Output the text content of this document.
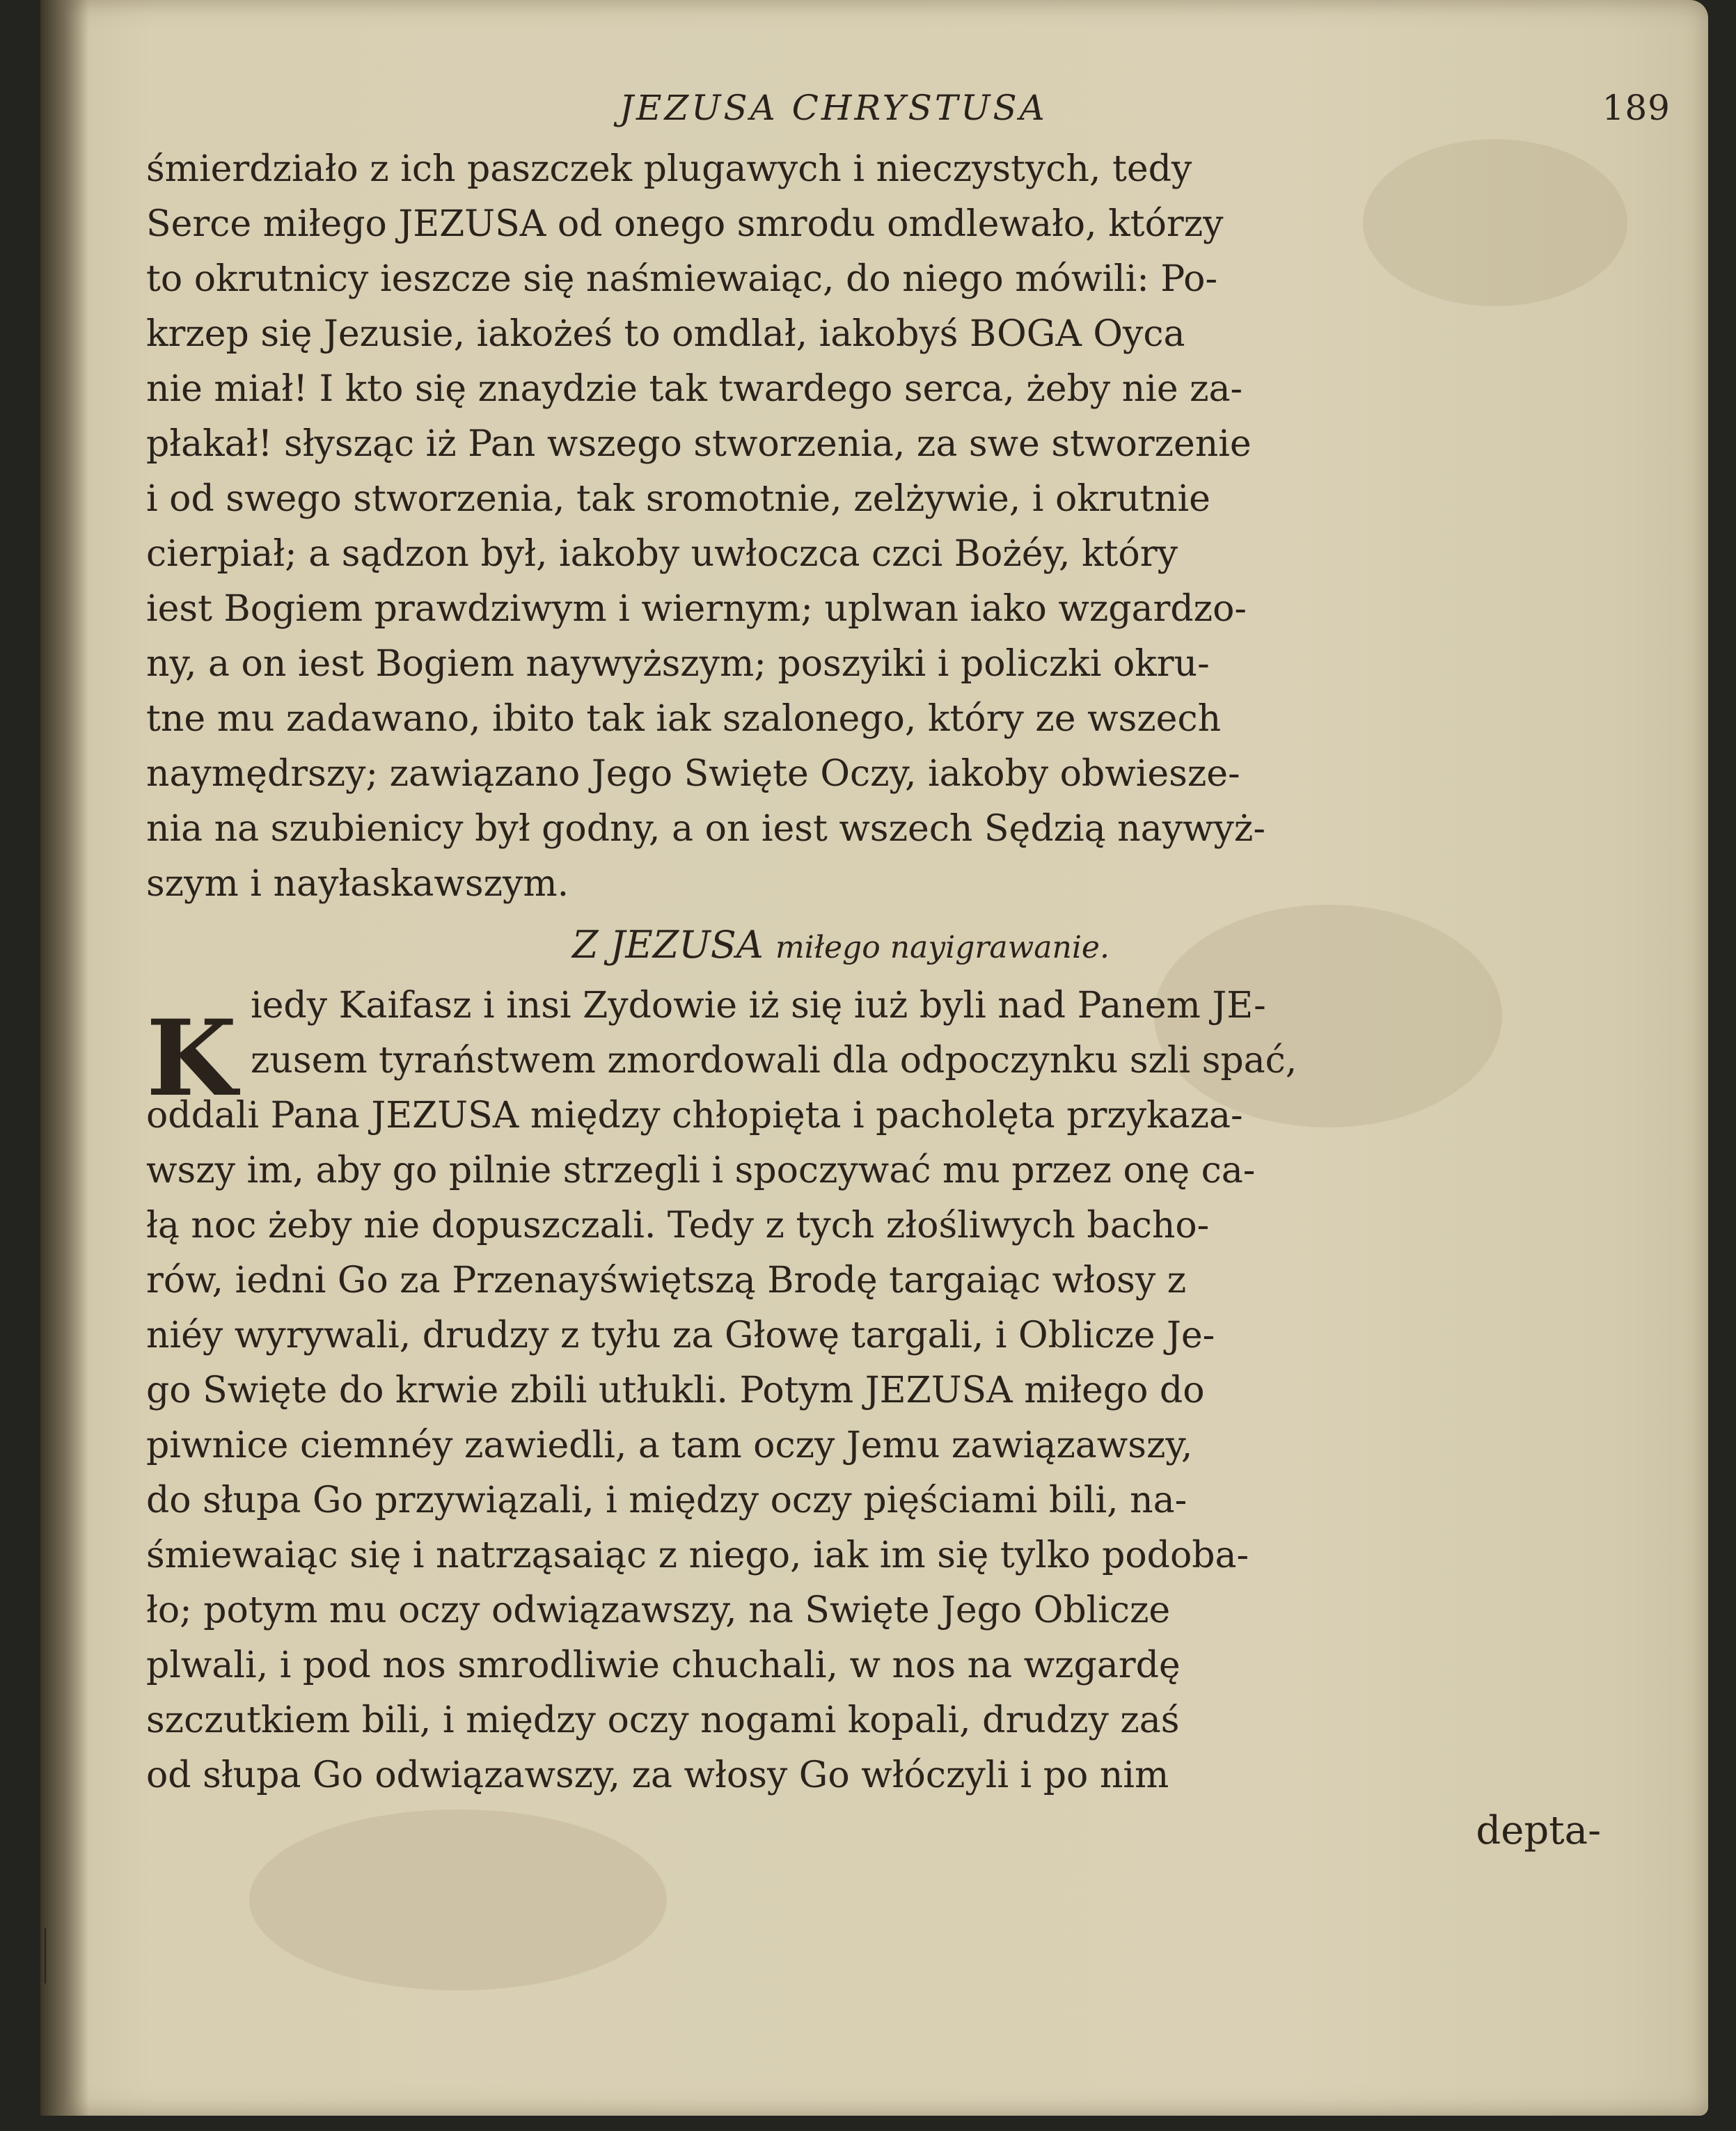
JEZUSA CHRYSTUSA	189
śmierdziało z ich paszczek plugawych i nieczystych, tedy
Serce miłego JEZUSA od onego smrodu omdlewało, którzy
to okrutnicy ieszcze się naśmiewaiąc, do niego mówili: Po-
krzep się Jezusie, iakożeś to omdlał, iakobyś BOGA Oyca
nie miał! I kto się znaydzie tak twardego serca, żeby nie za-
płakał! słysząc iż Pan wszego stworzenia, za swe stworzenie
i od swego stworzenia, tak sromotnie, zelżywie, i okrutnie
cierpiał; a sądzon był, iakoby uwłoczca czci Bożéy, który
iest Bogiem prawdziwym i wiernym; uplwan iako wzgardzo-
ny, a on iest Bogiem naywyższym; poszyiki i policzki okru-
tne mu zadawano, ibito tak iak szalonego, który ze wszech
naymędrszy; zawiązano Jego Swięte Oczy, iakoby obwiesze-
nia na szubienicy był godny, a on iest wszech Sędzią naywyż-
szym i nayłaskawszym.
Z JEZUSA miłego nayigrawanie.
K iedy Kaifasz i insi Zydowie iż się iuż byli nad Panem JE-
zusem tyraństwem zmordowali dla odpoczynku szli spać,
oddali Pana JEZUSA między chłopięta i pacholęta przykaza-
wszy im, aby go pilnie strzegli i spoczywać mu przez onę ca-
łą noc żeby nie dopuszczali. Tedy z tych złośliwych bacho-
rów, iedni Go za Przenayświętszą Brodę targaiąc włosy z
niéy wyrywali, drudzy z tyłu za Głowę targali, i Oblicze Je-
go Swięte do krwie zbili utłukli. Potym JEZUSA miłego do
piwnice ciemnéy zawiedli, a tam oczy Jemu zawiązawszy,
do słupa Go przywiązali, i między oczy pięściami bili, na-
śmiewaiąc się i natrząsaiąc z niego, iak im się tylko podoba-
ło; potym mu oczy odwiązawszy, na Swięte Jego Oblicze
plwali, i pod nos smrodliwie chuchali, w nos na wzgardę
szczutkiem bili, i między oczy nogami kopali, drudzy zaś
od słupa Go odwiązawszy, za włosy Go włóczyli i po nim
depta-
